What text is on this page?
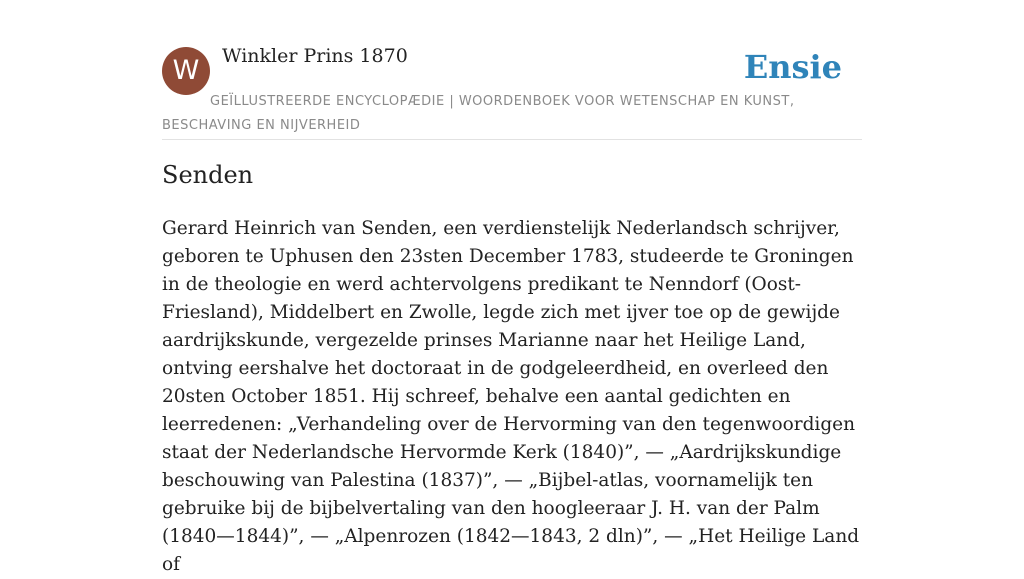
W	Winkler Prins 1870	Ensie
GEÏLLUSTREERDE ENCYCLOPÆDIE | WOORDENBOEK VOOR WETENSCHAP EN KUNST, BESCHAVING EN NIJVERHEID
Senden

Gerard Heinrich van Senden, een verdienstelijk Nederlandsch schrijver, geboren te Uphusen den 23sten December 1783, studeerde te Groningen in de theologie en werd achtervolgens predikant te Nenndorf (Oost-Friesland), Middelbert en Zwolle, legde zich met ijver toe op de gewijde aardrijkskunde, vergezelde prinses Marianne naar het Heilige Land, ontving eershalve het doctoraat in de godgeleerdheid, en overleed den 20sten October 1851. Hij schreef, behalve een aantal gedichten en leerredenen: „Verhandeling over de Hervorming van den tegenwoordigen staat der Nederlandsche Hervormde Kerk (1840)”, — „Aardrijkskundige beschouwing van Palestina (1837)”, — „Bijbel-atlas, voornamelijk ten gebruike bij de bijbelvertaling van den hoogleeraar J. H. van der Palm (1840—1844)”, — „Alpenrozen (1842—1843, 2 dln)”, — „Het Heilige Land of
